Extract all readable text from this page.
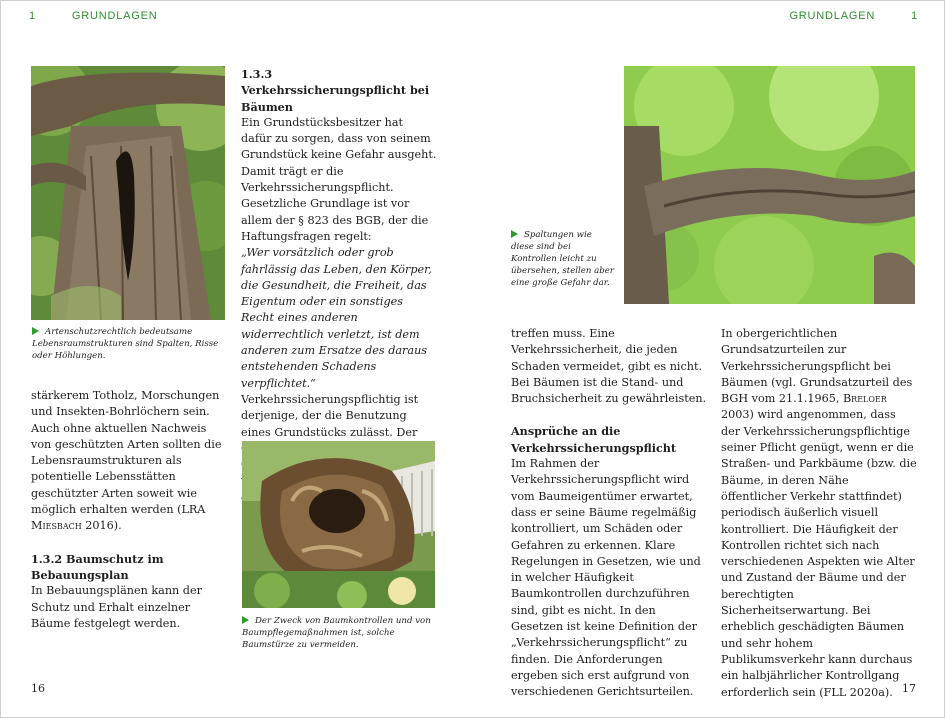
1	GRUNDLAGEN	GRUNDLAGEN	1
Artenschutzrechtlich bedeutsame Lebensraumstrukturen sind Spalten, Risse oder Höhlungen.

stärkerem Totholz, Morschungen und Insekten-Bohrlöchern sein.

Auch ohne aktuellen Nachweis von geschützten Arten sollten die Lebensraumstrukturen als potentielle Lebensstätten geschützter Arten soweit wie möglich erhalten werden (LRA Miesbach 2016).

1.3.2 Baumschutz im Bebauungsplan

In Bebauungsplänen kann der Schutz und Erhalt einzelner Bäume festgelegt werden.

1.3.3 Verkehrssicherungspflicht bei Bäumen

Ein Grundstücksbesitzer hat dafür zu sorgen, dass von seinem Grundstück keine Gefahr ausgeht. Damit trägt er die Verkehrssicherungspflicht. Gesetzliche Grundlage ist vor allem der § 823 des BGB, der die Haftungsfragen regelt:

„Wer vorsätzlich oder grob fahrlässig das Leben, den Körper, die Gesundheit, die Freiheit, das Eigentum oder ein sonstiges Recht eines anderen widerrechtlich verletzt, ist dem anderen zum Ersatze des daraus entstehenden Schadens verpflichtet.“

Verkehrssicherungspflichtig ist derjenige, der die Benutzung eines Grundstücks zulässt. Der

Der Zweck von Baumkontrollen und von Baumpflegemaßnahmen ist, solche Baumstürze zu vermeiden.
Spaltungen wie diese sind bei Kontrollen leicht zu übersehen, stellen aber eine große Gefahr dar.

treffen muss. Eine Verkehrssicherheit, die jeden Schaden vermeidet, gibt es nicht. Bei Bäumen ist die Stand- und Bruchsicherheit zu gewährleisten.

Ansprüche an die Verkehrssicherungspflicht

Im Rahmen der Verkehrssicherungspflicht wird vom Baumeigentümer erwartet, dass er seine Bäume regelmäßig kontrolliert, um Schäden oder Gefahren zu erkennen. Klare Regelungen in Gesetzen, wie und in welcher Häufigkeit Baumkontrollen durchzuführen sind, gibt es nicht. In den Gesetzen ist keine Definition der „Verkehrssicherungspflicht“ zu finden. Die Anforderungen ergeben sich erst aufgrund von verschiedenen Gerichtsurteilen.

In obergerichtlichen Grundsatzurteilen zur Verkehrssicherungspflicht bei Bäumen (vgl. Grundsatzurteil des BGH vom 21.1.1965, Breloer 2003) wird angenommen, dass der Verkehrssicherungspflichtige seiner Pflicht genügt, wenn er die Straßen- und Parkbäume (bzw. die Bäume, in deren Nähe öffentlicher Verkehr stattfindet) periodisch äußerlich visuell kontrolliert. Die Häufigkeit der Kontrollen richtet sich nach verschiedenen Aspekten wie Alter und Zustand der Bäume und der berechtigten Sicherheitserwartung. Bei erheblich geschädigten Bäumen und sehr hohem Publikumsverkehr kann durchaus ein halbjährlicher Kontrollgang erforderlich sein (FLL 2020a).

16	17
